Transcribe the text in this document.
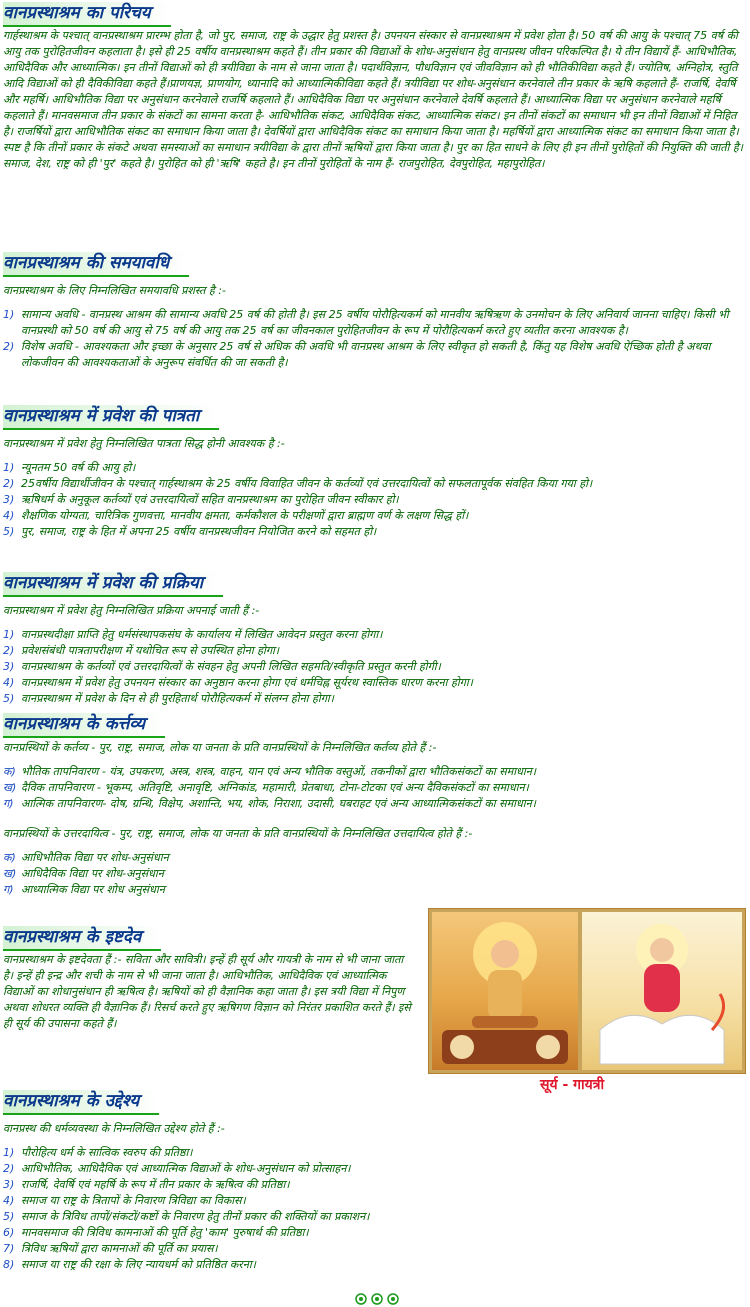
वानप्रस्थाश्रम का परिचय

गार्हस्थाश्रम के पश्चात् वानप्रस्थाश्रम प्रारम्भ होता है, जो पुर, समाज, राष्ट्र के उद्धार हेतु प्रशस्त है। उपनयन संस्कार से वानप्रस्थाश्रम में प्रवेश होता है। 50 वर्ष की आयु के पश्चात् 75 वर्ष की आयु तक पुरोहितजीवन कहलाता है। इसे ही 25 वर्षीय वानप्रस्थाश्रम कहते हैं। तीन प्रकार की विद्याओं के शोध-अनुसंधान हेतु वानप्रस्थ जीवन परिकल्पित है। ये तीन विद्यायें हैं- आधिभौतिक, आधिदैविक और आध्यात्मिक। इन तीनों विद्याओं को ही त्रयीविद्या के नाम से जाना जाता है। पदार्थविज्ञान, पौधविज्ञान एवं जीवविज्ञान को ही भौतिकीविद्या कहते हैं। ज्योतिष, अग्निहोत्र, स्तुति आदि विद्याओं को ही दैविकीविद्या कहते हैं।प्राणयज्ञ, प्राणयोग, ध्यानादि को आध्यात्मिकीविद्या कहते हैं। त्रयीविद्या पर शोध-अनुसंधान करनेवाले तीन प्रकार के ऋषि कहलाते हैं- राजर्षि, देवर्षि और महर्षि। आधिभौतिक विद्या पर अनुसंधान करनेवाले राजर्षि कहलाते हैं। आधिदैविक विद्या पर अनुसंधान करनेवाले देवर्षि कहलाते हैं। आध्यात्मिक विद्या पर अनुसंधान करनेवाले महर्षि कहलाते हैं। मानवसमाज तीन प्रकार के संकटों का सामना करता है- आधिभौतिक संकट, आधिदैविक संकट, आध्यात्मिक संकट। इन तीनों संकटों का समाधान भी इन तीनों विद्याओं में निहित है। राजर्षियों द्वारा आधिभौतिक संकट का समाधान किया जाता है। देवर्षियों द्वारा आधिदैविक संकट का समाधान किया जाता है। महर्षियों द्वारा आध्यात्मिक संकट का समाधान किया जाता है। स्पष्ट है कि तीनों प्रकार के संकटे अथवा समस्याओं का समाधान त्रयीविद्या के द्वारा तीनों ऋषियों द्वारा किया जाता है। पुर का हित साधने के लिए ही इन तीनों पुरोहितों की नियुक्ति की जाती है। समाज, देश, राष्ट्र को ही 'पुर' कहते है। पुरोहित को ही 'ऋषि' कहते है। इन तीनों पुरोहितों के नाम हैं- राजपुरोहित, देवपुरोहित, महापुरोहित।

वानप्रस्थाश्रम की समयावधि
वानप्रस्थाश्रम के लिए निम्नलिखित समयावधि प्रशस्त है :-
1) सामान्य अवधि - वानप्रस्थ आश्रम की सामान्य अवधि 25 वर्ष की होती है। इस 25 वर्षीय पोरौहित्यकर्म को मानवीय ऋषिऋण के उनमोचन के लिए अनिवार्य जानना चाहिए। किसी भी वानप्रस्थी को 50 वर्ष की आयु से 75 वर्ष की आयु तक 25 वर्ष का जीवनकाल पुरोहितजीवन के रूप में पोरौहित्यकर्म करते हुए व्यतीत करना आवश्यक है।
2) विशेष अवधि - आवश्यकता और इच्छा के अनुसार 25 वर्ष से अधिक की अवधि भी वानप्रस्थ आश्रम के लिए स्वीकृत हो सकती है, किंतु यह विशेष अवधि ऐच्छिक होती है अथवा लोकजीवन की आवश्यकताओं के अनुरूप संवर्धित की जा सकती है।
वानप्रस्थाश्रम में प्रवेश की पात्रता
वानप्रस्थाश्रम में प्रवेश हेतु निम्नलिखित पात्रता सिद्ध होनी आवश्यक है :-
1) न्यूनतम 50 वर्ष की आयु हो।
2) 25वर्षीय विद्यार्थीजीवन के पश्चात् गार्हस्थाश्रम के 25 वर्षीय विवाहित जीवन के कर्तव्यों एवं उत्तरदायित्वों को सफलतापूर्वक संवहित किया गया हो।
3) ऋषिधर्म के अनुकूल कर्तव्यों एवं उत्तरदायित्वों सहित वानप्रस्थाश्रम का पुरोहित जीवन स्वीकार हो।
4) शैक्षणिक योग्यता, चारित्रिक गुणवत्ता, मानवीय क्षमता, कर्मकौशल के परीक्षणों द्वारा ब्राह्मण वर्ण के लक्षण सिद्ध हों।
5) पुर, समाज, राष्ट्र के हित में अपना 25 वर्षीय वानप्रस्थजीवन नियोजित करने को सहमत हो।
वानप्रस्थाश्रम में प्रवेश की प्रक्रिया
वानप्रस्थाश्रम में प्रवेश हेतु निम्नलिखित प्रक्रिया अपनाई जाती हैं :-
1) वानप्रस्थदीक्षा प्राप्ति हेतु धर्मसंस्थापकसंघ के कार्यालय में लिखित आवेदन प्रस्तुत करना होगा।
2) प्रवेशसंबंधी पात्रतापरीक्षण में यथोचित रूप से उपस्थित होना होगा।
3) वानप्रस्थाश्रम के कर्तव्यों एवं उत्तरदायित्वों के संवहन हेतु अपनी लिखित सहमति/स्वीकृति प्रस्तुत करनी होगी।
4) वानप्रस्थाश्रम में प्रवेश हेतु उपनयन संस्कार का अनुष्ठान करना होगा एवं धर्मचिह्न सूर्यरथ स्वास्तिक धारण करना होगा।
5) वानप्रस्थाश्रम में प्रवेश के दिन से ही पुरहितार्थ पोरौहित्यकर्म में संलग्न होना होगा।
वानप्रस्थाश्रम के कर्त्तव्य
वानप्रस्थियों के कर्तव्य - पुर, राष्ट्र, समाज, लोक या जनता के प्रति वानप्रस्थियों के निम्नलिखित कर्तव्य होते हैं :-
क) भौतिक तापनिवारण - यंत्र, उपकरण, अस्त्र, शस्त्र, वाहन, यान एवं अन्य भौतिक वस्तुओं, तकनीकों द्वारा भौतिकसंकटों का समाधान।
ख) दैविक तापनिवारण - भूकम्प, अतिवृष्टि, अनावृष्टि, अग्निकांड, महामारी, प्रेतबाधा, टोना-टोटका एवं अन्य दैविकसंकटों का समाधान।
ग) आत्मिक तापनिवारण- दोष, ग्रन्थि, विक्षेप, अशान्ति, भय, शोक, निराशा, उदासी, घबराहट एवं अन्य आध्यात्मिकसंकटों का समाधान।
वानप्रस्थियों के उत्तरदायित्व - पुर, राष्ट्र, समाज, लोक या जनता के प्रति वानप्रस्थियों के निम्नलिखित उत्तदायित्व होते हैं :-
क) आधिभौतिक विद्या पर शोध-अनुसंधान
ख) आधिदैविक विद्या पर शोध-अनुसंधान
ग) आध्यात्मिक विद्या पर शोध अनुसंधान
वानप्रस्थाश्रम के इष्टदेव

वानप्रस्थाश्रम के इष्टदेवता हैं :- सविता और सावित्री। इन्हें ही सूर्य और गायत्री के नाम से भी जाना जाता है। इन्हें ही इन्द्र और शची के नाम से भी जाना जाता है। आधिभौतिक, आधिदैविक एवं आध्यात्मिक विद्याओं का शोधानुसंधान ही ऋषित्व है। ऋषियों को ही वैज्ञानिक कहा जाता है। इस त्रयी विद्या में निपुण अथवा शोधरत व्यक्ति ही वैज्ञानिक हैं। रिसर्च करते हुए ऋषिगण विज्ञान को निरंतर प्रकाशित करते हैं। इसे ही सूर्य की उपासना कहते हैं।

सूर्य - गायत्री
वानप्रस्थाश्रम के उद्देश्य
वानप्रस्थ की धर्मव्यवस्था के निम्नलिखित उद्देश्य होते हैं :-
1) पौरोहित्य धर्म के सात्विक स्वरुप की प्रतिष्ठा।
2) आधिभौतिक, आधिदैविक एवं आध्यात्मिक विद्याओं के शोध-अनुसंधान को प्रोत्साहन।
3) राजर्षि, देवर्षि एवं महर्षि के रूप में तीन प्रकार के ऋषित्व की प्रतिष्ठा।
4) समाज या राष्ट्र के त्रितापों के निवारण त्रिविद्या का विकास।
5) समाज के त्रिविध तापों/संकटों/कष्टों के निवारण हेतु तीनों प्रकार की शक्तियों का प्रकाशन।
6) मानवसमाज की त्रिविध कामनाओं की पूर्ति हेतु 'काम' पुरुषार्थ की प्रतिष्ठा।
7) त्रिविध ऋषियों द्वारा कामनाओं की पूर्ति का प्रयास।
8) समाज या राष्ट्र की रक्षा के लिए न्यायधर्म को प्रतिष्ठित करना।
